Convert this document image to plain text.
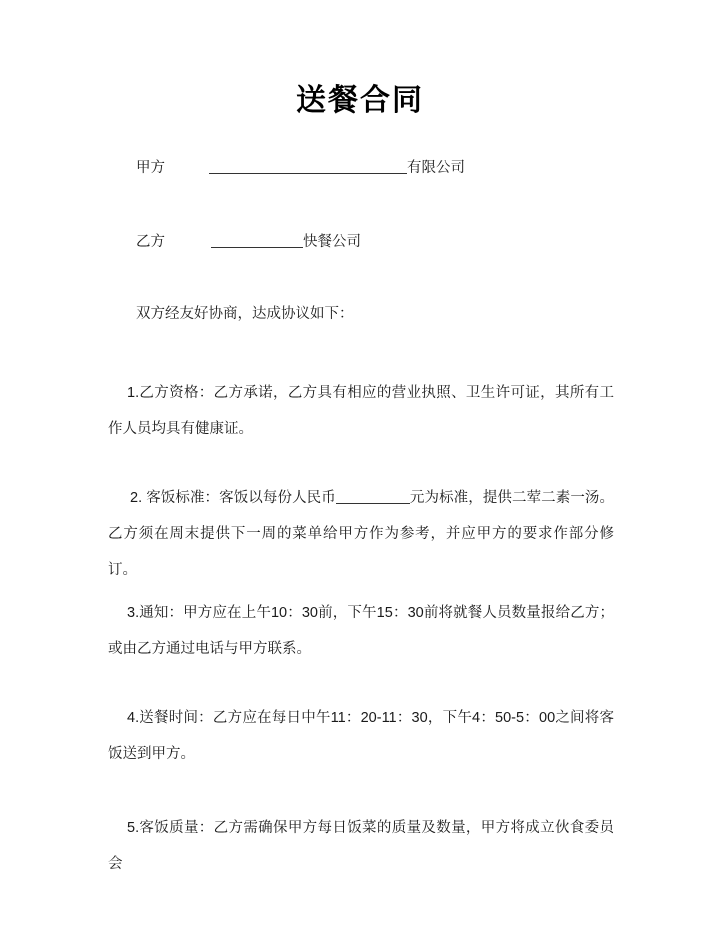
送餐合同
甲方	有限公司
乙方	快餐公司
双方经友好协商，达成协议如下：
1.乙方资格：乙方承诺，乙方具有相应的营业执照、卫生许可证，其所有工作人员均具有健康证。
2. 客饭标准：客饭以每份人民币	元为标准，提供二荤二素一汤。乙方须在周末提供下一周的菜单给甲方作为参考，并应甲方的要求作部分修订。
3.通知：甲方应在上午10：30前，下午15：30前将就餐人员数量报给乙方；或由乙方通过电话与甲方联系。
4.送餐时间：乙方应在每日中午11：20-11：30，下午4：50-5：00之间将客饭送到甲方。
5.客饭质量：乙方需确保甲方每日饭菜的质量及数量，甲方将成立伙食委员会
